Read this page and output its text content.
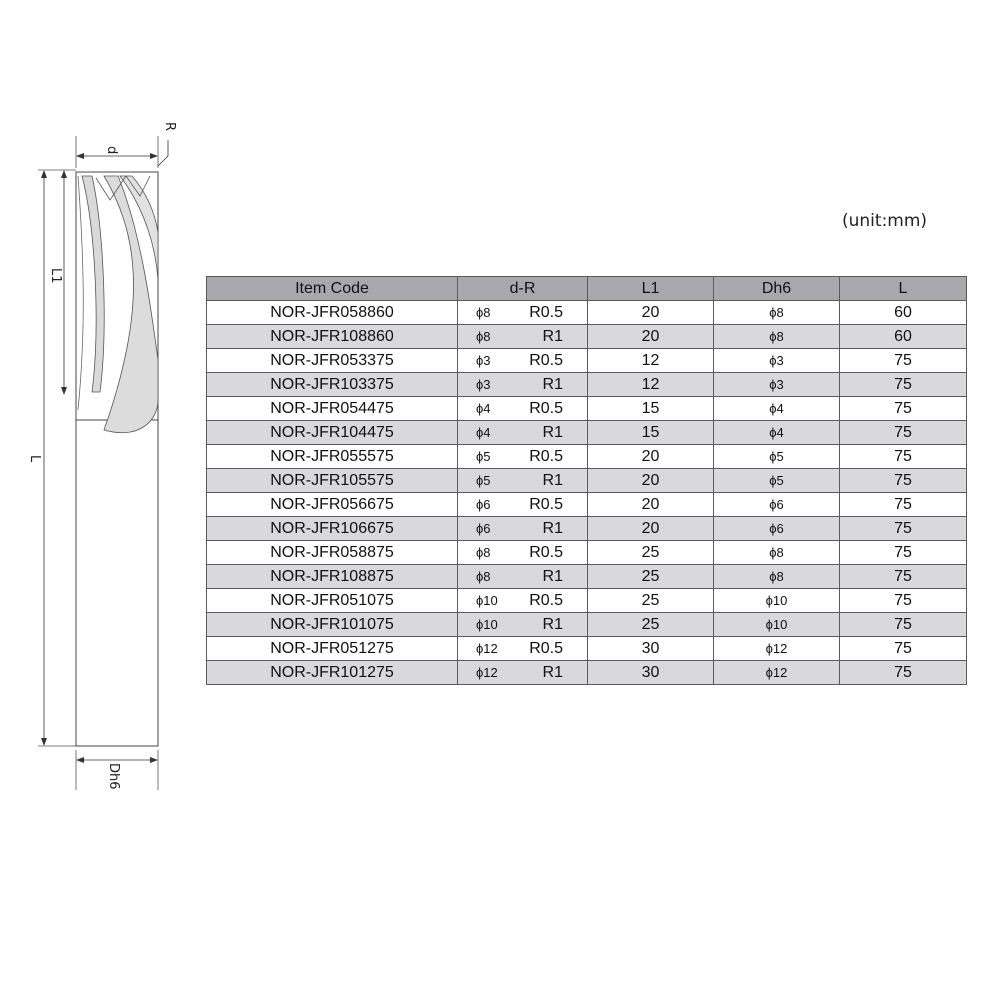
d
R
L1
L
Dh6
(unit:mm)
Item Code	d-R	L1	Dh6	L
NOR-JFR058860	ϕ8 R0.5	20	ϕ8	60
NOR-JFR108860	ϕ8 R1	20	ϕ8	60
NOR-JFR053375	ϕ3 R0.5	12	ϕ3	75
NOR-JFR103375	ϕ3 R1	12	ϕ3	75
NOR-JFR054475	ϕ4 R0.5	15	ϕ4	75
NOR-JFR104475	ϕ4 R1	15	ϕ4	75
NOR-JFR055575	ϕ5 R0.5	20	ϕ5	75
NOR-JFR105575	ϕ5 R1	20	ϕ5	75
NOR-JFR056675	ϕ6 R0.5	20	ϕ6	75
NOR-JFR106675	ϕ6 R1	20	ϕ6	75
NOR-JFR058875	ϕ8 R0.5	25	ϕ8	75
NOR-JFR108875	ϕ8 R1	25	ϕ8	75
NOR-JFR051075	ϕ10 R0.5	25	ϕ10	75
NOR-JFR101075	ϕ10 R1	25	ϕ10	75
NOR-JFR051275	ϕ12 R0.5	30	ϕ12	75
NOR-JFR101275	ϕ12 R1	30	ϕ12	75
